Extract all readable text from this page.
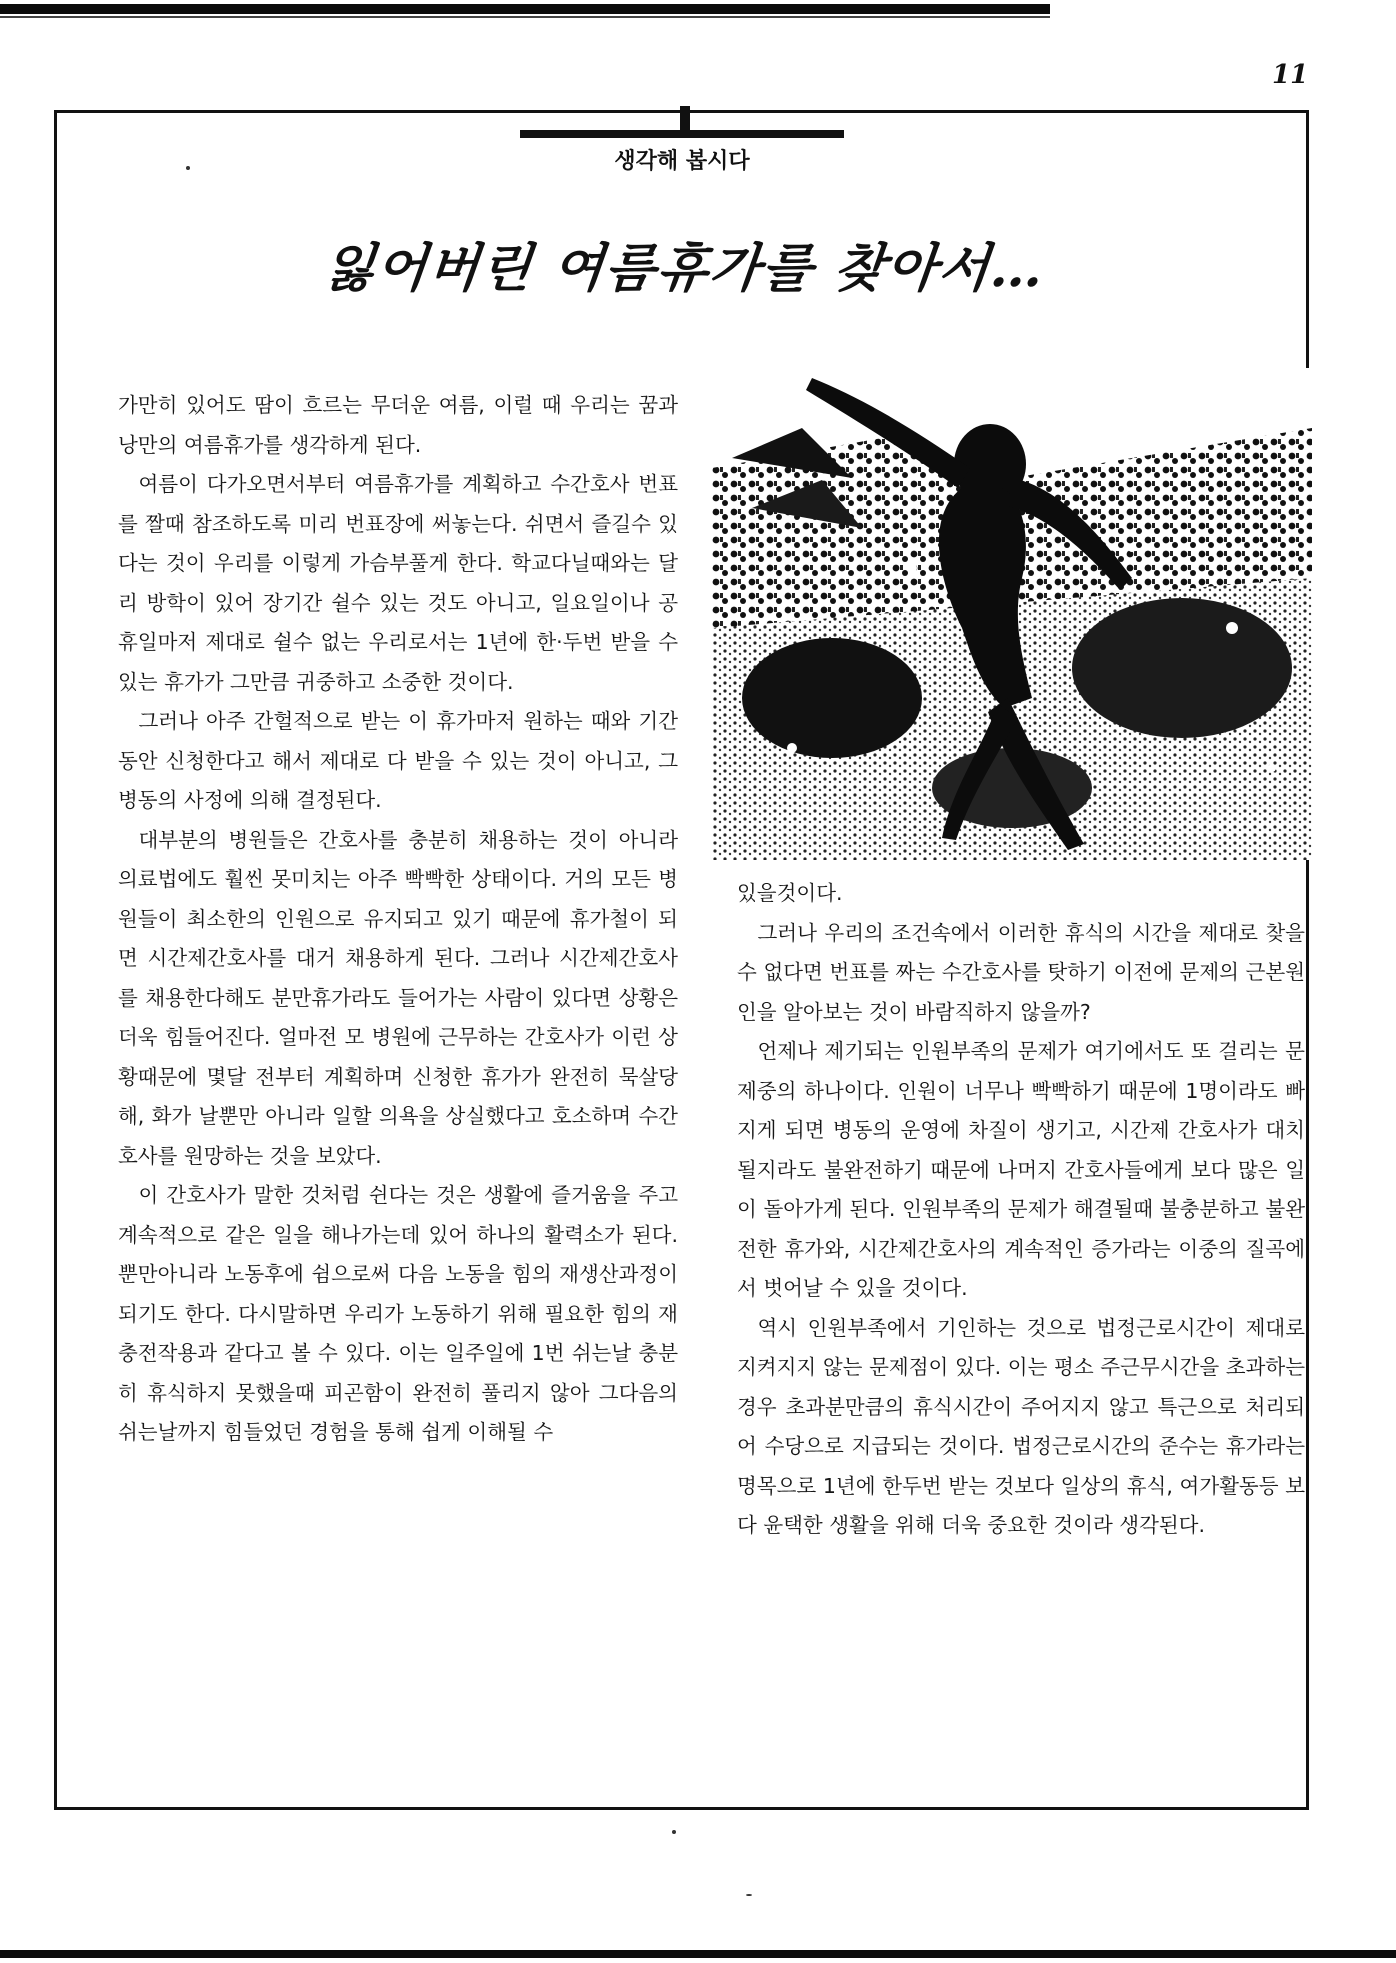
11
생각해 봅시다
잃어버린 여름휴가를 찾아서…

가만히 있어도 땀이 흐르는 무더운 여름, 이럴 때 우리는 꿈과 낭만의 여름휴가를 생각하게 된다.

여름이 다가오면서부터 여름휴가를 계획하고 수간호사 번표를 짤때 참조하도록 미리 번표장에 써놓는다. 쉬면서 즐길수 있다는 것이 우리를 이렇게 가슴부풀게 한다. 학교다닐때와는 달리 방학이 있어 장기간 쉴수 있는 것도 아니고, 일요일이나 공휴일마저 제대로 쉴수 없는 우리로서는 1년에 한·두번 받을 수 있는 휴가가 그만큼 귀중하고 소중한 것이다.

그러나 아주 간헐적으로 받는 이 휴가마저 원하는 때와 기간동안 신청한다고 해서 제대로 다 받을 수 있는 것이 아니고, 그 병동의 사정에 의해 결정된다.

대부분의 병원들은 간호사를 충분히 채용하는 것이 아니라 의료법에도 훨씬 못미치는 아주 빡빡한 상태이다. 거의 모든 병원들이 최소한의 인원으로 유지되고 있기 때문에 휴가철이 되면 시간제간호사를 대거 채용하게 된다. 그러나 시간제간호사를 채용한다해도 분만휴가라도 들어가는 사람이 있다면 상황은 더욱 힘들어진다. 얼마전 모 병원에 근무하는 간호사가 이런 상황때문에 몇달 전부터 계획하며 신청한 휴가가 완전히 묵살당해, 화가 날뿐만 아니라 일할 의욕을 상실했다고 호소하며 수간호사를 원망하는 것을 보았다.

이 간호사가 말한 것처럼 쉰다는 것은 생활에 즐거움을 주고 계속적으로 같은 일을 해나가는데 있어 하나의 활력소가 된다. 뿐만아니라 노동후에 쉼으로써 다음 노동을 힘의 재생산과정이 되기도 한다. 다시말하면 우리가 노동하기 위해 필요한 힘의 재충전작용과 같다고 볼 수 있다. 이는 일주일에 1번 쉬는날 충분히 휴식하지 못했을때 피곤함이 완전히 풀리지 않아 그다음의 쉬는날까지 힘들었던 경험을 통해 쉽게 이해될 수

있을것이다.

그러나 우리의 조건속에서 이러한 휴식의 시간을 제대로 찾을 수 없다면 번표를 짜는 수간호사를 탓하기 이전에 문제의 근본원인을 알아보는 것이 바람직하지 않을까?

언제나 제기되는 인원부족의 문제가 여기에서도 또 걸리는 문제중의 하나이다. 인원이 너무나 빡빡하기 때문에 1명이라도 빠지게 되면 병동의 운영에 차질이 생기고, 시간제 간호사가 대치될지라도 불완전하기 때문에 나머지 간호사들에게 보다 많은 일이 돌아가게 된다. 인원부족의 문제가 해결될때 불충분하고 불완전한 휴가와, 시간제간호사의 계속적인 증가라는 이중의 질곡에서 벗어날 수 있을 것이다.

역시 인원부족에서 기인하는 것으로 법정근로시간이 제대로 지켜지지 않는 문제점이 있다. 이는 평소 주근무시간을 초과하는 경우 초과분만큼의 휴식시간이 주어지지 않고 특근으로 처리되어 수당으로 지급되는 것이다. 법정근로시간의 준수는 휴가라는 명목으로 1년에 한두번 받는 것보다 일상의 휴식, 여가활동등 보다 윤택한 생활을 위해 더욱 중요한 것이라 생각된다.
